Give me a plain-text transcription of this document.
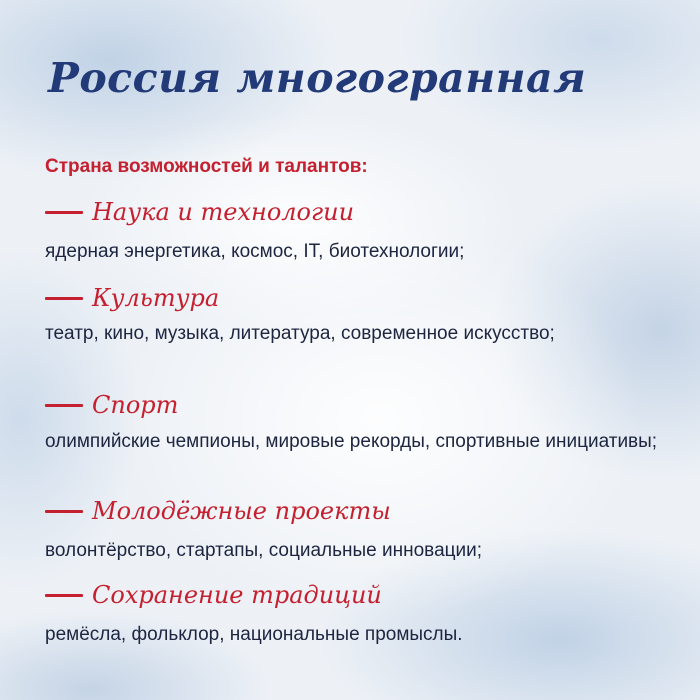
Россия многогранная

Страна возможностей и талантов:

Наука и технологии

ядерная энергетика, космос, IT, биотехнологии;

Культура

театр, кино, музыка, литература, современное искусство;

Спорт

олимпийские чемпионы, мировые рекорды, спортивные инициативы;

Молодёжные проекты

волонтёрство, стартапы, социальные инновации;

Сохранение традиций

ремёсла, фольклор, национальные промыслы.
